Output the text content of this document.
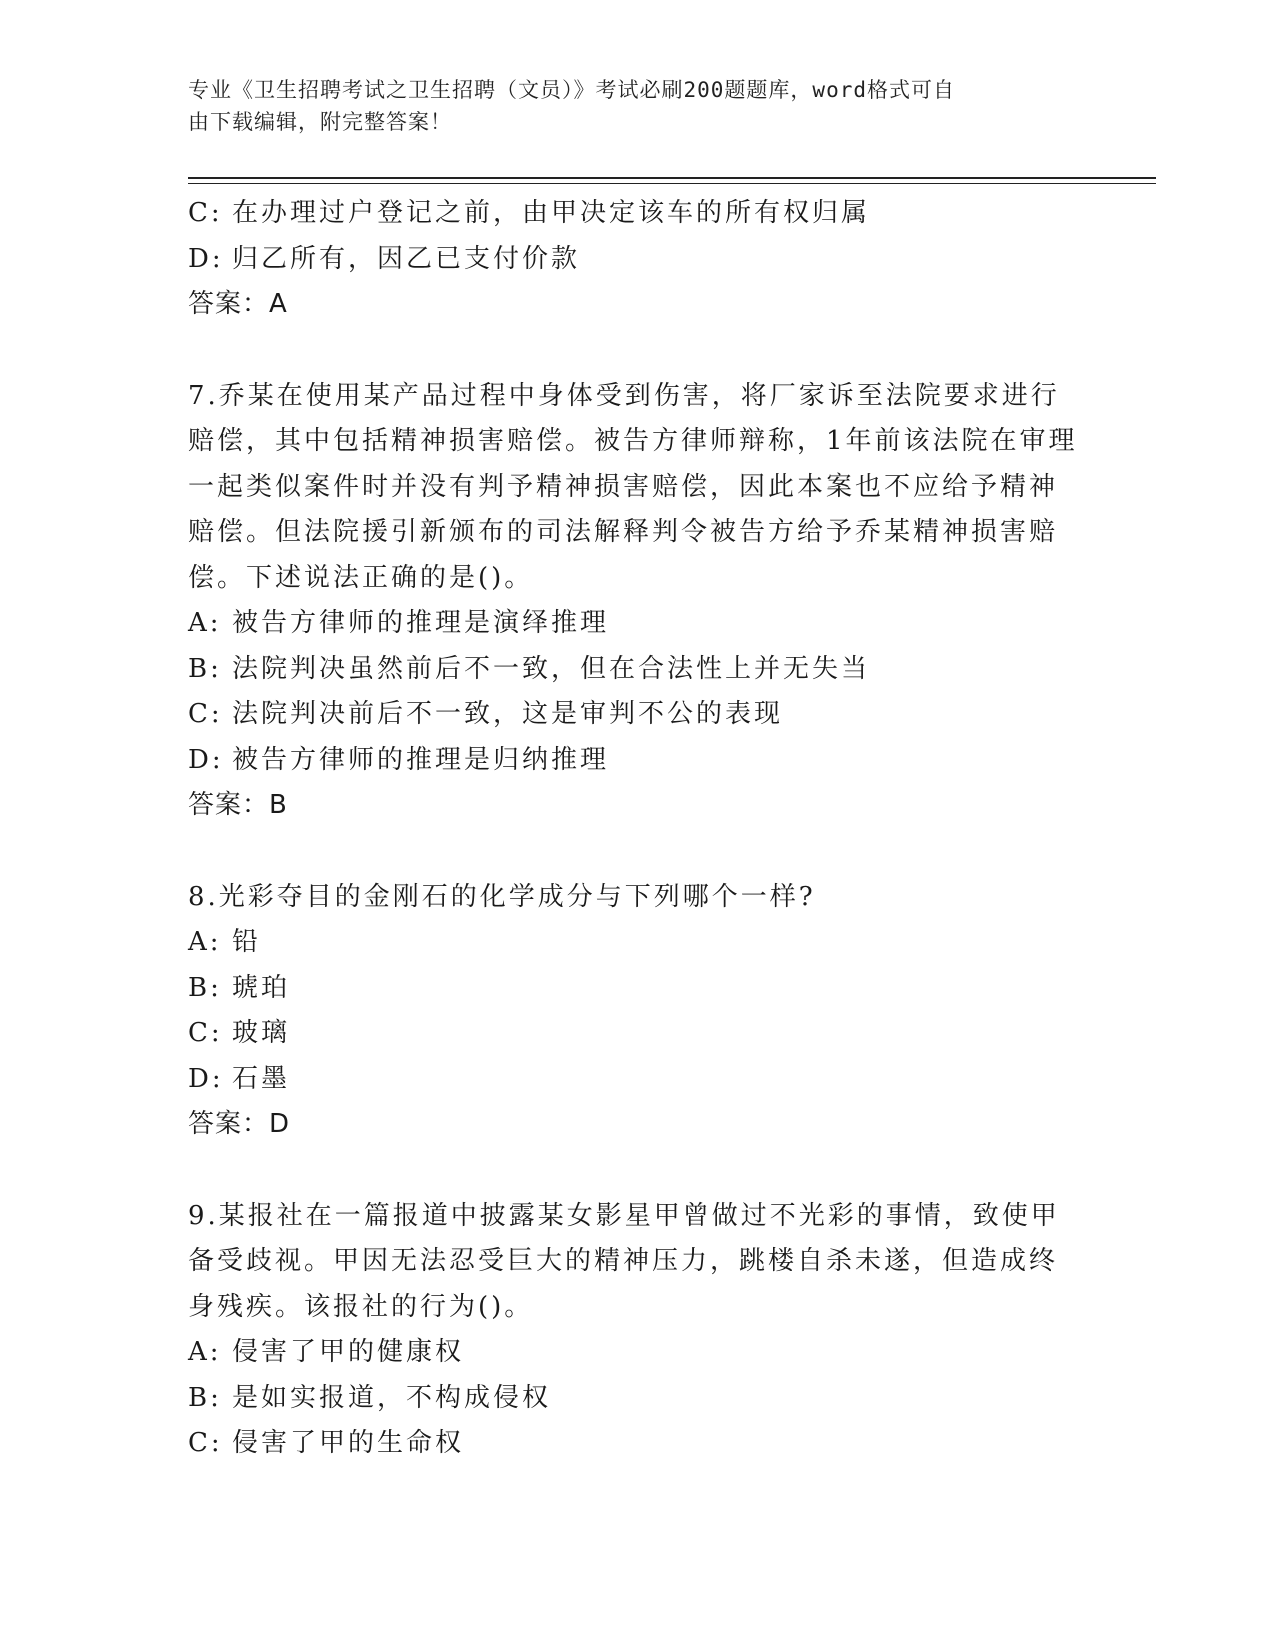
专业《卫生招聘考试之卫生招聘（文员）》考试必刷200题题库，word格式可自
由下载编辑，附完整答案！
C: 在办理过户登记之前，由甲决定该车的所有权归属
D: 归乙所有，因乙已支付价款
答案：A
7.乔某在使用某产品过程中身体受到伤害，将厂家诉至法院要求进行
赔偿，其中包括精神损害赔偿。被告方律师辩称，1年前该法院在审理
一起类似案件时并没有判予精神损害赔偿，因此本案也不应给予精神
赔偿。但法院援引新颁布的司法解释判令被告方给予乔某精神损害赔
偿。下述说法正确的是()。
A: 被告方律师的推理是演绎推理
B: 法院判决虽然前后不一致，但在合法性上并无失当
C: 法院判决前后不一致，这是审判不公的表现
D: 被告方律师的推理是归纳推理
答案：B
8.光彩夺目的金刚石的化学成分与下列哪个一样?
A: 铅
B: 琥珀
C: 玻璃
D: 石墨
答案：D
9.某报社在一篇报道中披露某女影星甲曾做过不光彩的事情，致使甲
备受歧视。甲因无法忍受巨大的精神压力，跳楼自杀未遂，但造成终
身残疾。该报社的行为()。
A: 侵害了甲的健康权
B: 是如实报道，不构成侵权
C: 侵害了甲的生命权
